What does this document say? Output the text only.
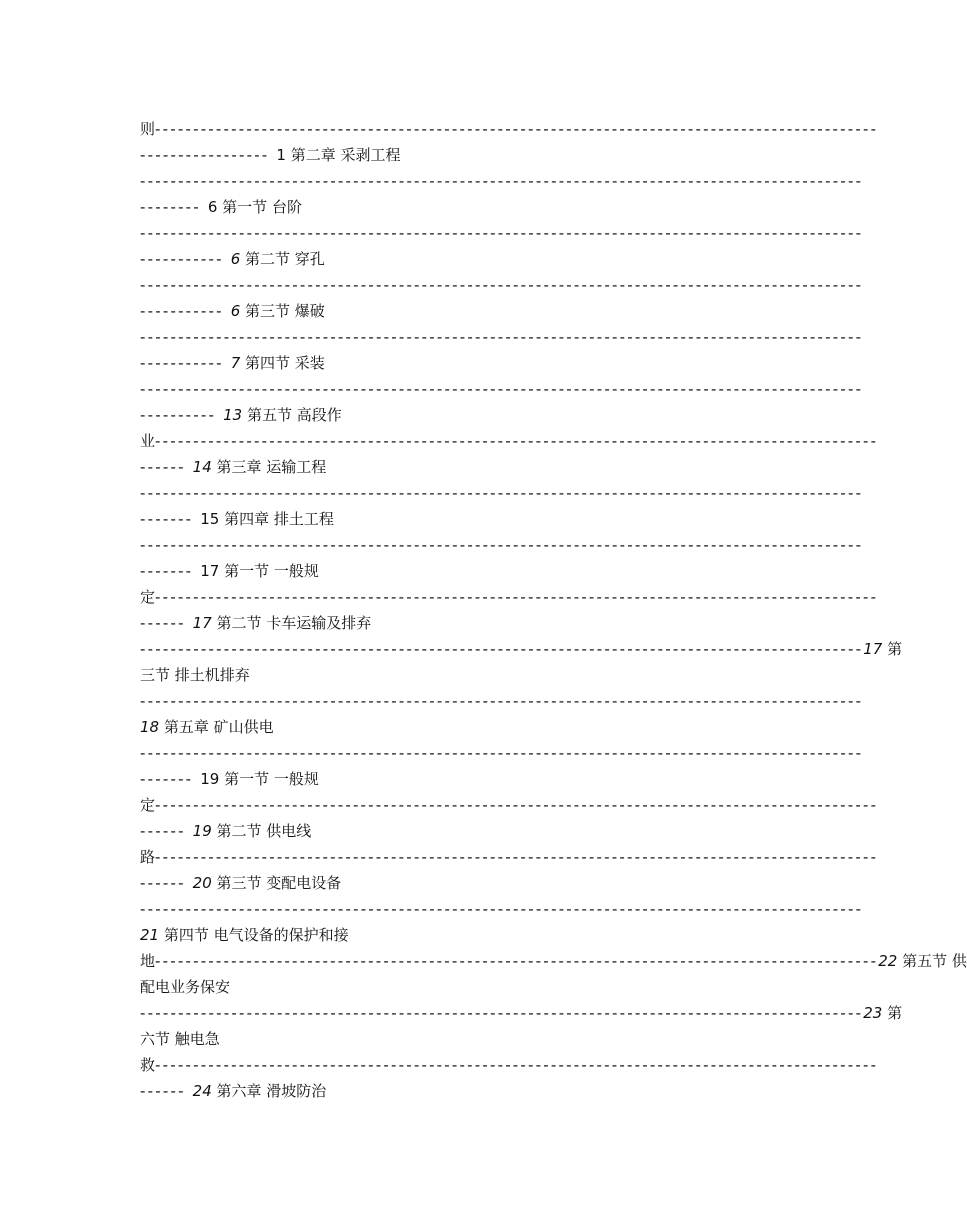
则-----------------------------------------------------------------------------------------------
----------------- 1 第二章 采剥工程
-----------------------------------------------------------------------------------------------
-------- 6 第一节 台阶
-----------------------------------------------------------------------------------------------
----------- 6 第二节 穿孔
-----------------------------------------------------------------------------------------------
----------- 6 第三节 爆破
-----------------------------------------------------------------------------------------------
----------- 7 第四节 采装
-----------------------------------------------------------------------------------------------
---------- 13 第五节 高段作
业-----------------------------------------------------------------------------------------------
------ 14 第三章 运输工程
-----------------------------------------------------------------------------------------------
------- 15 第四章 排土工程
-----------------------------------------------------------------------------------------------
------- 17 第一节 一般规
定-----------------------------------------------------------------------------------------------
------ 17 第二节 卡车运输及排弃
----------------------------------------------------------------------------------------------- 17 第
三节 排土机排弃
-----------------------------------------------------------------------------------------------
18 第五章 矿山供电
-----------------------------------------------------------------------------------------------
------- 19 第一节 一般规
定-----------------------------------------------------------------------------------------------
------ 19 第二节 供电线
路-----------------------------------------------------------------------------------------------
------ 20 第三节 变配电设备
-----------------------------------------------------------------------------------------------
21 第四节 电气设备的保护和接
地 ----------------------------------------------------------------------------------------------- 22 第五节 供
配电业务保安
----------------------------------------------------------------------------------------------- 23 第
六节 触电急
救-----------------------------------------------------------------------------------------------
------ 24 第六章 滑坡防治
